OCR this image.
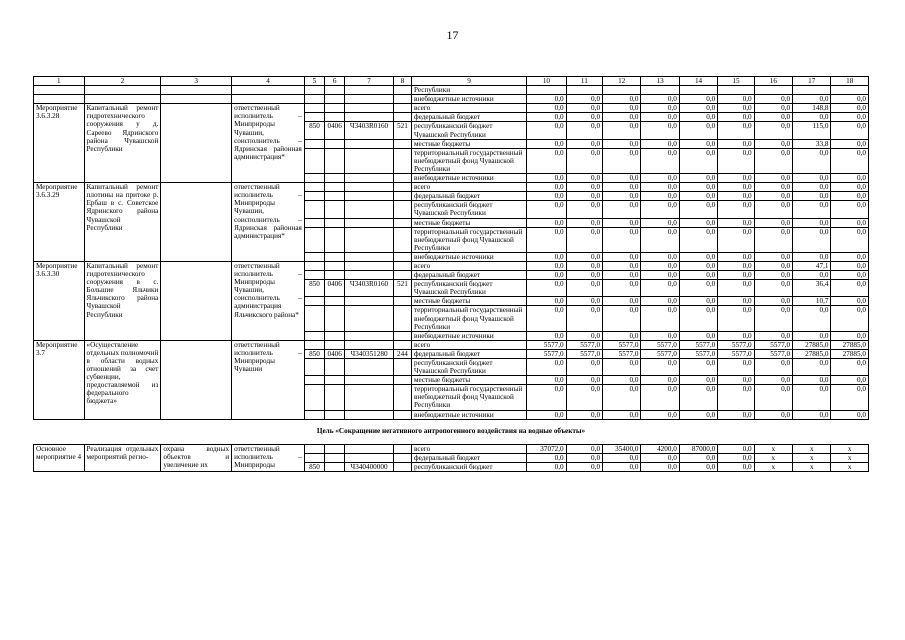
17
1	2	3	4	5	6	7	8	9	10	11	12	13	14	15	16	17	18
								Республики									
								внебюджетные источники	0,0	0,0	0,0	0,0	0,0	0,0	0,0	0,0	0,0
Мероприятие 3.6.3.28	Капитальный ремонт гидротехнического сооружения у д. Сареево Ядринского района Чувашской Республики		ответственный исполнитель – Минприроды Чувашии, соисполнитель – Ядринская районная администрация*					всего	0,0	0,0	0,0	0,0	0,0	0,0	0,0	148,8	0,0
								федеральный бюджет	0,0	0,0	0,0	0,0	0,0	0,0	0,0	0,0	0,0
				850	0406	Ч3403R0160	521	республиканский бюджет Чувашской Республики	0,0	0,0	0,0	0,0	0,0	0,0	0,0	115,0	0,0
								местные бюджеты	0,0	0,0	0,0	0,0	0,0	0,0	0,0	33,8	0,0
								территориальный государственный внебюджетный фонд Чувашской Республики	0,0	0,0	0,0	0,0	0,0	0,0	0,0	0,0	0,0
								внебюджетные источники	0,0	0,0	0,0	0,0	0,0	0,0	0,0	0,0	0,0
Мероприятие 3.6.3.29	Капитальный ремонт плотины на притоке р. Ербаш в с. Советское Ядринского района Чувашской Республики		ответственный исполнитель – Минприроды Чувашии, соисполнитель – Ядринская районная администрация*					всего	0,0	0,0	0,0	0,0	0,0	0,0	0,0	0,0	0,0
								федеральный бюджет	0,0	0,0	0,0	0,0	0,0	0,0	0,0	0,0	0,0
								республиканский бюджет Чувашской Республики	0,0	0,0	0,0	0,0	0,0	0,0	0,0	0,0	0,0
								местные бюджеты	0,0	0,0	0,0	0,0	0,0	0,0	0,0	0,0	0,0
								территориальный государственный внебюджетный фонд Чувашской Республики	0,0	0,0	0,0	0,0	0,0	0,0	0,0	0,0	0,0
								внебюджетные источники	0,0	0,0	0,0	0,0	0,0	0,0	0,0	0,0	0,0
Мероприятие 3.6.3.30	Капитальный ремонт гидротехнического сооружения в с. Большие Яльчики Яльчикского района Чувашской Республики		ответственный исполнитель – Минприроды Чувашии, соисполнитель – администрация Яльчикского района*					всего	0,0	0,0	0,0	0,0	0,0	0,0	0,0	47,1	0,0
								федеральный бюджет	0,0	0,0	0,0	0,0	0,0	0,0	0,0	0,0	0,0
				850	0406	Ч3403R0160	521	республиканский бюджет Чувашской Республики	0,0	0,0	0,0	0,0	0,0	0,0	0,0	36,4	0,0
								местные бюджеты	0,0	0,0	0,0	0,0	0,0	0,0	0,0	10,7	0,0
								территориальный государственный внебюджетный фонд Чувашской Республики	0,0	0,0	0,0	0,0	0,0	0,0	0,0	0,0	0,0
								внебюджетные источники	0,0	0,0	0,0	0,0	0,0	0,0	0,0	0,0	0,0
Мероприятие 3.7	«Осуществление отдельных полномочий в области водных отношений за счет субвенции, предоставляемой из федерального бюджета»		ответственный исполнитель – Минприроды Чувашии					всего	5577,0	5577,0	5577,0	5577,0	5577,0	5577,0	5577,0	27885,0	27885,0
				850	0406	Ч340351280	244	федеральный бюджет	5577,0	5577,0	5577,0	5577,0	5577,0	5577,0	5577,0	27885,0	27885,0
								республиканский бюджет Чувашской Республики	0,0	0,0	0,0	0,0	0,0	0,0	0,0	0,0	0,0
								местные бюджеты	0,0	0,0	0,0	0,0	0,0	0,0	0,0	0,0	0,0
								территориальный государственный внебюджетный фонд Чувашской Республики	0,0	0,0	0,0	0,0	0,0	0,0	0,0	0,0	0,0
								внебюджетные источники	0,0	0,0	0,0	0,0	0,0	0,0	0,0	0,0	0,0
Цель «Сокращение негативного антропогенного воздействия на водные объекты»																	
Основное мероприятие 4	Реализация отдельных мероприятий регио-	охрана водных объектов и увеличение их	ответственный исполнитель – Минприроды					всего	37072,0	0,0	35400,0	4200,0	87000,0	0,0	x	x	x
								федеральный бюджет	0,0	0,0	0,0	0,0	0,0	0,0	x	x	x
				850		Ч340400000		республиканский бюджет	0,0	0,0	0,0	0,0	0,0	0,0	x	x	x
